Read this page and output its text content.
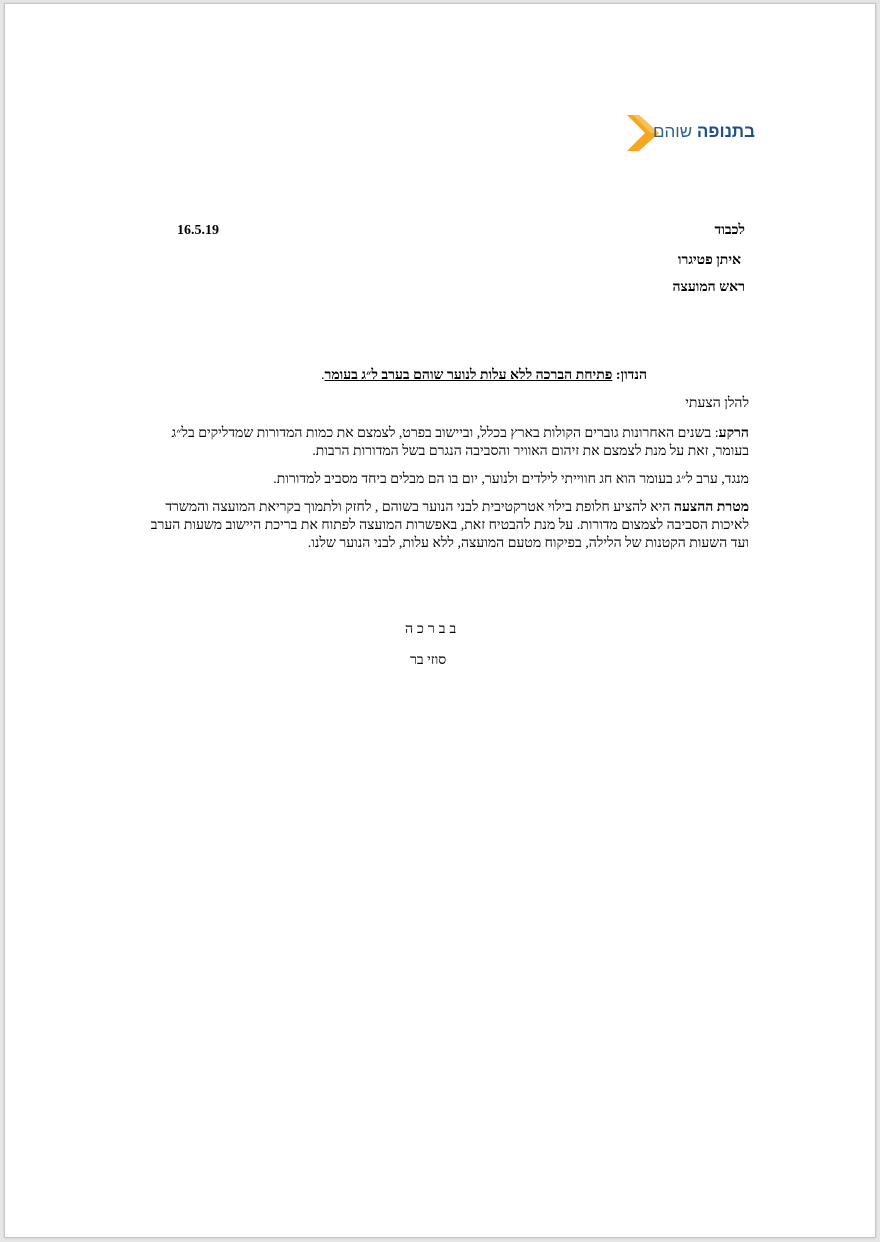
בתנופה שוהם
לכבוד
16.5.19
איתן פטיגרו
ראש המועצה
הנדון: פתיחת הברכה ללא עלות לנוער שוהם בערב ל״ג בעומר.
להלן הצעתי
הרקע: בשנים האחרונות גוברים הקולות בארץ בכלל, וביישוב בפרט, לצמצם את כמות המדורות שמדליקים בל״ג בעומר, זאת על מנת לצמצם את זיהום האוויר והסביבה הנגרם בשל המדורות הרבות.
מנגד, ערב ל״ג בעומר הוא חג חווייתי לילדים ולנוער, יום בו הם מבלים ביחד מסביב למדורות.
מטרת ההצעה היא להציע חלופת בילוי אטרקטיבית לבני הנוער בשוהם , לחזק ולתמוך בקריאת המועצה והמשרד לאיכות הסביבה לצמצום מדורות. על מנת להבטיח זאת, באפשרות המועצה לפתוח את בריכת היישוב משעות הערב ועד השעות הקטנות של הלילה, בפיקוח מטעם המועצה, ללא עלות, לבני הנוער שלנו.
בברכה
סוזי בר
